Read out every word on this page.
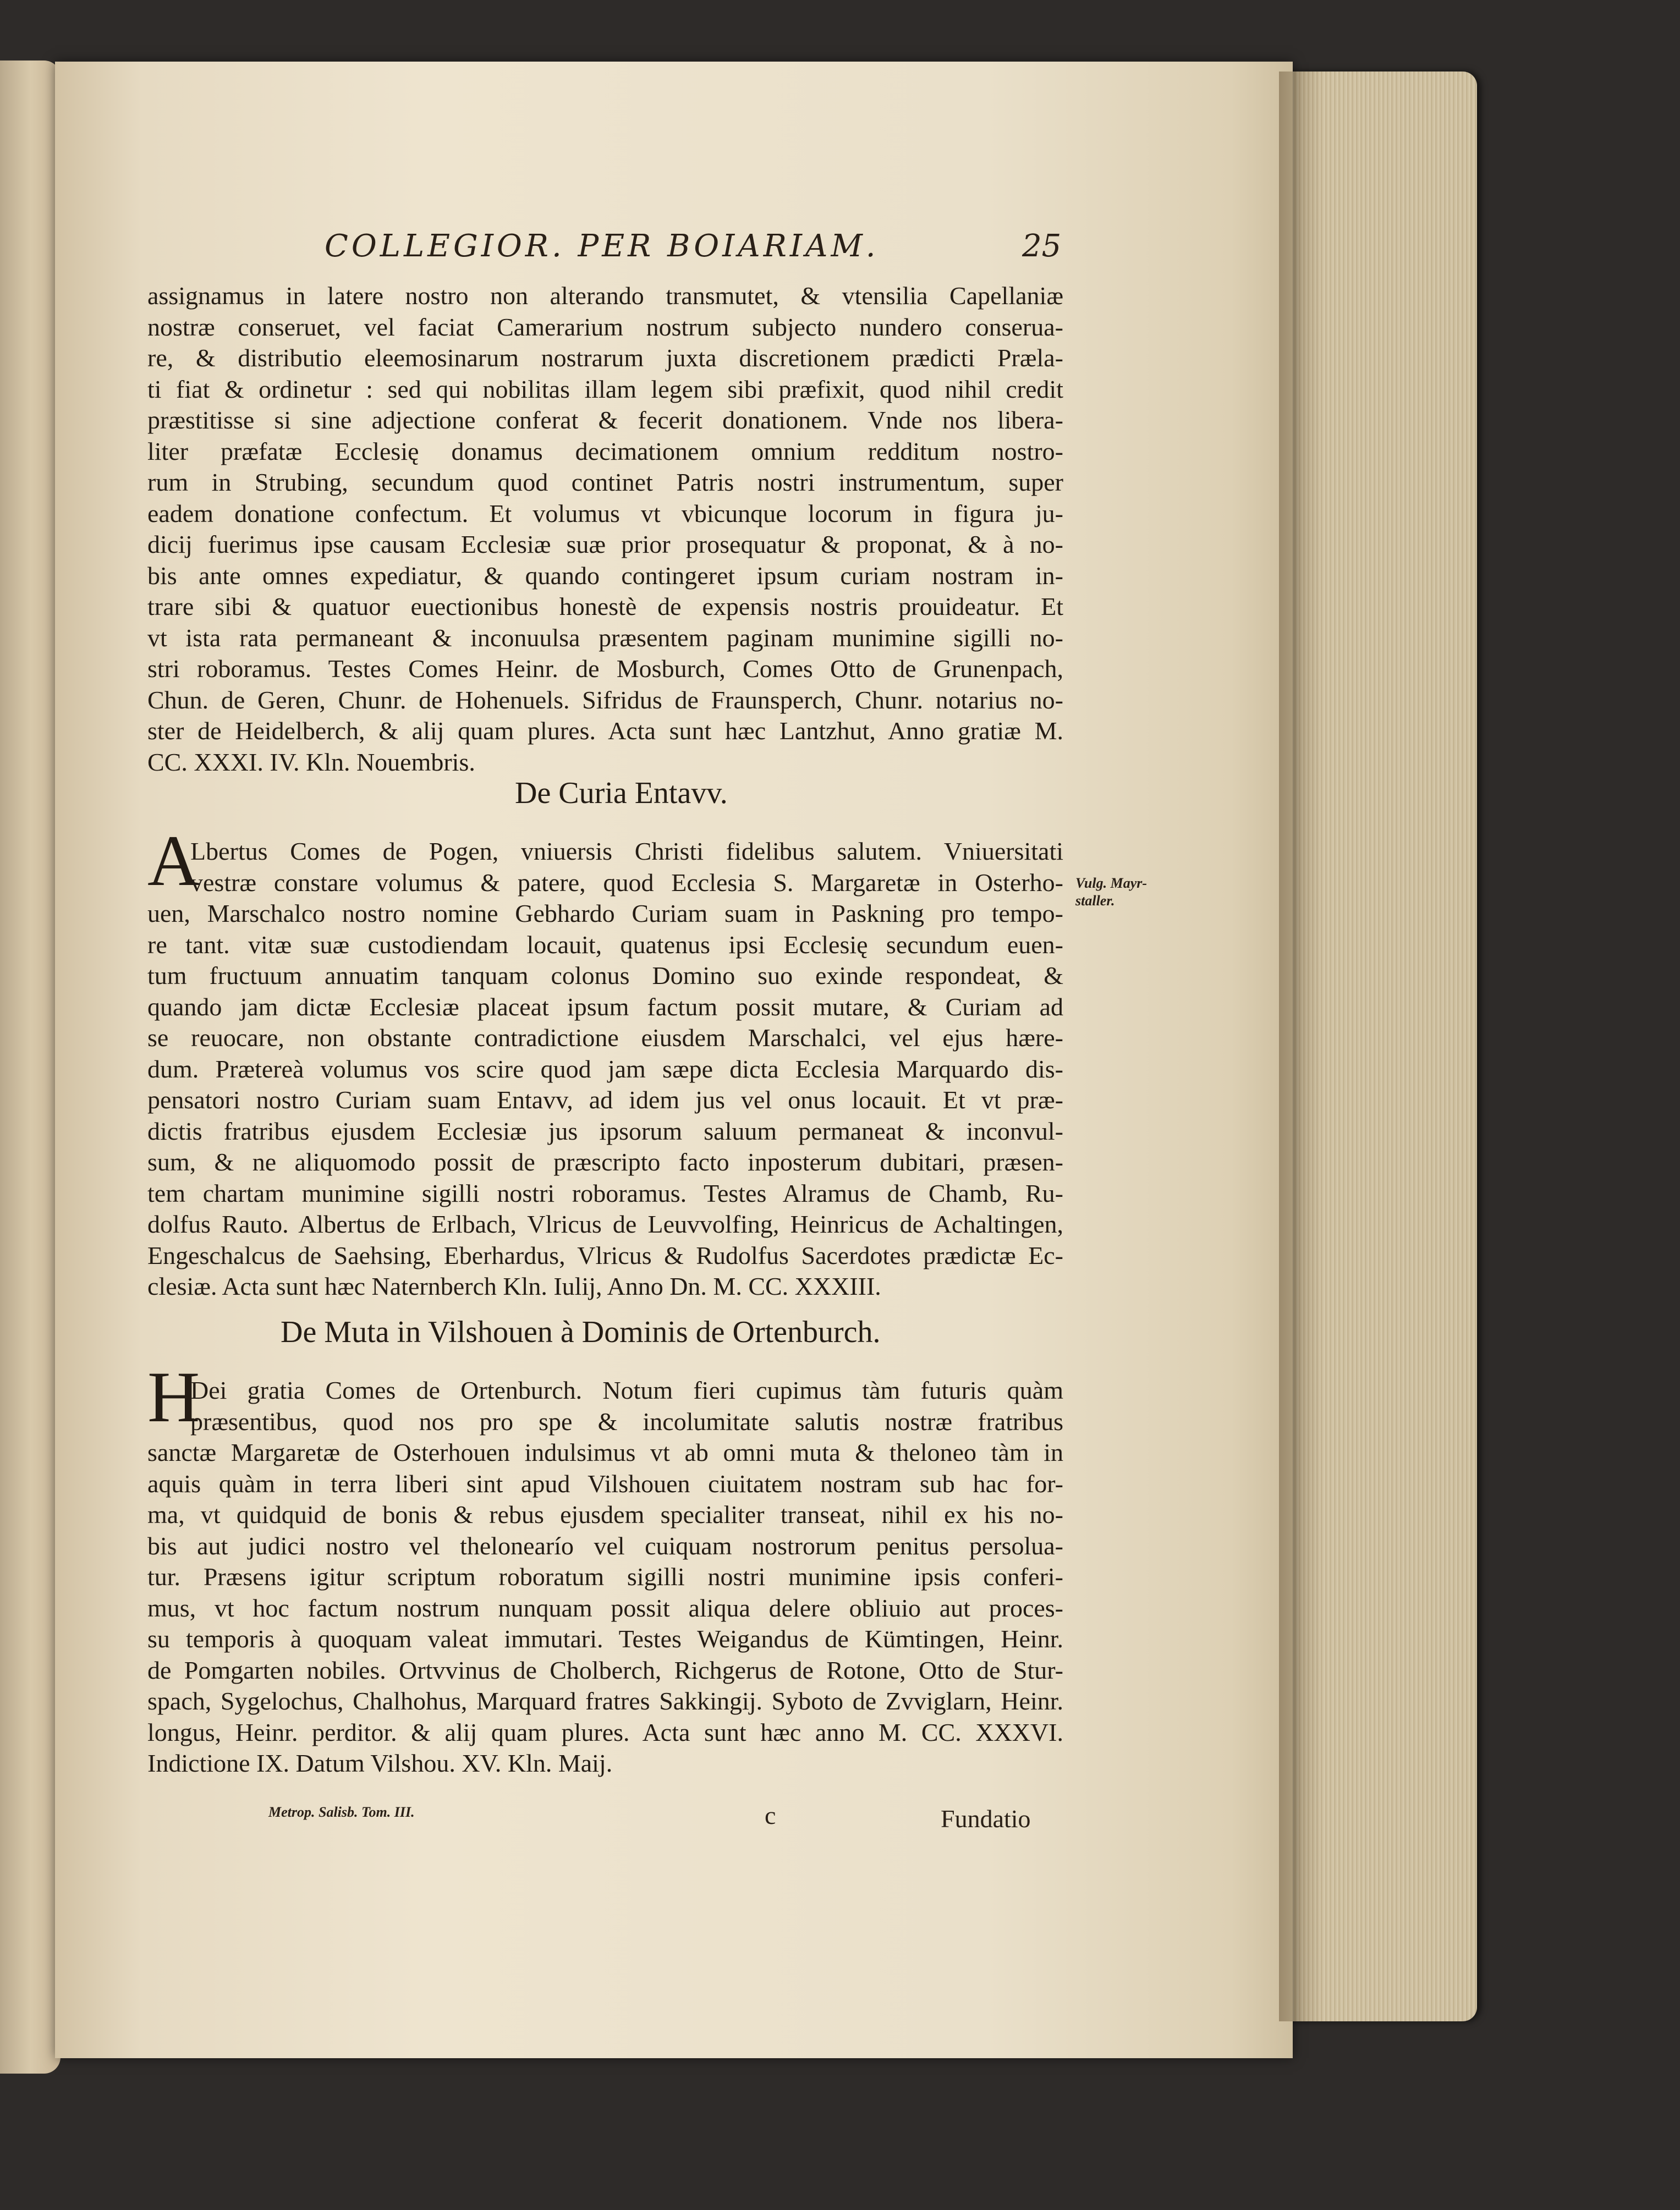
COLLEGIOR. PER BOIARIAM.	25
assignamus in latere nostro non alterando transmutet, & vtensilia Capellaniæ
nostræ conseruet, vel faciat Camerarium nostrum subjecto nundero conserua-
re, & distributio eleemosinarum nostrarum juxta discretionem prædicti Præla-
ti fiat & ordinetur : sed qui nobilitas illam legem sibi præfixit, quod nihil credit
præstitisse si sine adjectione conferat & fecerit donationem. Vnde nos libera-
liter præfatæ Ecclesię donamus decimationem omnium redditum nostro-
rum in Strubing, secundum quod continet Patris nostri instrumentum, super
eadem donatione confectum. Et volumus vt vbicunque locorum in figura ju-
dicij fuerimus ipse causam Ecclesiæ suæ prior prosequatur & proponat, & à no-
bis ante omnes expediatur, & quando contingeret ipsum curiam nostram in-
trare sibi & quatuor euectionibus honestè de expensis nostris prouideatur. Et
vt ista rata permaneant & inconuulsa præsentem paginam munimine sigilli no-
stri roboramus. Testes Comes Heinr. de Mosburch, Comes Otto de Grunenpach,
Chun. de Geren, Chunr. de Hohenuels. Sifridus de Fraunsperch, Chunr. notarius no-
ster de Heidelberch, & alij quam plures. Acta sunt hæc Lantzhut, Anno gratiæ M.
CC. XXXI. IV. Kln. Nouembris.
De Curia Entavv.
A
Lbertus Comes de Pogen, vniuersis Christi fidelibus salutem. Vniuersitati
vestræ constare volumus & patere, quod Ecclesia S. Margaretæ in Osterho-
uen, Marschalco nostro nomine Gebhardo Curiam suam in Paskning pro tempo-
re tant. vitæ suæ custodiendam locauit, quatenus ipsi Ecclesię secundum euen-
tum fructuum annuatim tanquam colonus Domino suo exinde respondeat, &
quando jam dictæ Ecclesiæ placeat ipsum factum possit mutare, & Curiam ad
se reuocare, non obstante contradictione eiusdem Marschalci, vel ejus hære-
dum. Prætereà volumus vos scire quod jam sæpe dicta Ecclesia Marquardo dis-
pensatori nostro Curiam suam Entavv, ad idem jus vel onus locauit. Et vt præ-
dictis fratribus ejusdem Ecclesiæ jus ipsorum saluum permaneat & inconvul-
sum, & ne aliquomodo possit de præscripto facto inposterum dubitari, præsen-
tem chartam munimine sigilli nostri roboramus. Testes Alramus de Chamb, Ru-
dolfus Rauto. Albertus de Erlbach, Vlricus de Leuvvolfing, Heinricus de Achaltingen,
Engeschalcus de Saehsing, Eberhardus, Vlricus & Rudolfus Sacerdotes prædictæ Ec-
clesiæ. Acta sunt hæc Naternberch Kln. Iulij, Anno Dn. M. CC. XXXIII.
De Muta in Vilshouen à Dominis de Ortenburch.
H
Dei gratia Comes de Ortenburch. Notum fieri cupimus tàm futuris quàm
præsentibus, quod nos pro spe & incolumitate salutis nostræ fratribus
sanctæ Margaretæ de Osterhouen indulsimus vt ab omni muta & theloneo tàm in
aquis quàm in terra liberi sint apud Vilshouen ciuitatem nostram sub hac for-
ma, vt quidquid de bonis & rebus ejusdem specialiter transeat, nihil ex his no-
bis aut judici nostro vel thelonearío vel cuiquam nostrorum penitus persolua-
tur. Præsens igitur scriptum roboratum sigilli nostri munimine ipsis conferi-
mus, vt hoc factum nostrum nunquam possit aliqua delere obliuio aut proces-
su temporis à quoquam valeat immutari. Testes Weigandus de Kümtingen, Heinr.
de Pomgarten nobiles. Ortvvinus de Cholberch, Richgerus de Rotone, Otto de Stur-
spach, Sygelochus, Chalhohus, Marquard fratres Sakkingij. Syboto de Zvviglarn, Heinr.
longus, Heinr. perditor. & alij quam plures. Acta sunt hæc anno M. CC. XXXVI.
Indictione IX. Datum Vilshou. XV. Kln. Maij.
Metrop. Salisb. Tom. III.	c	Fundatio
Vulg. Mayr-
staller.
